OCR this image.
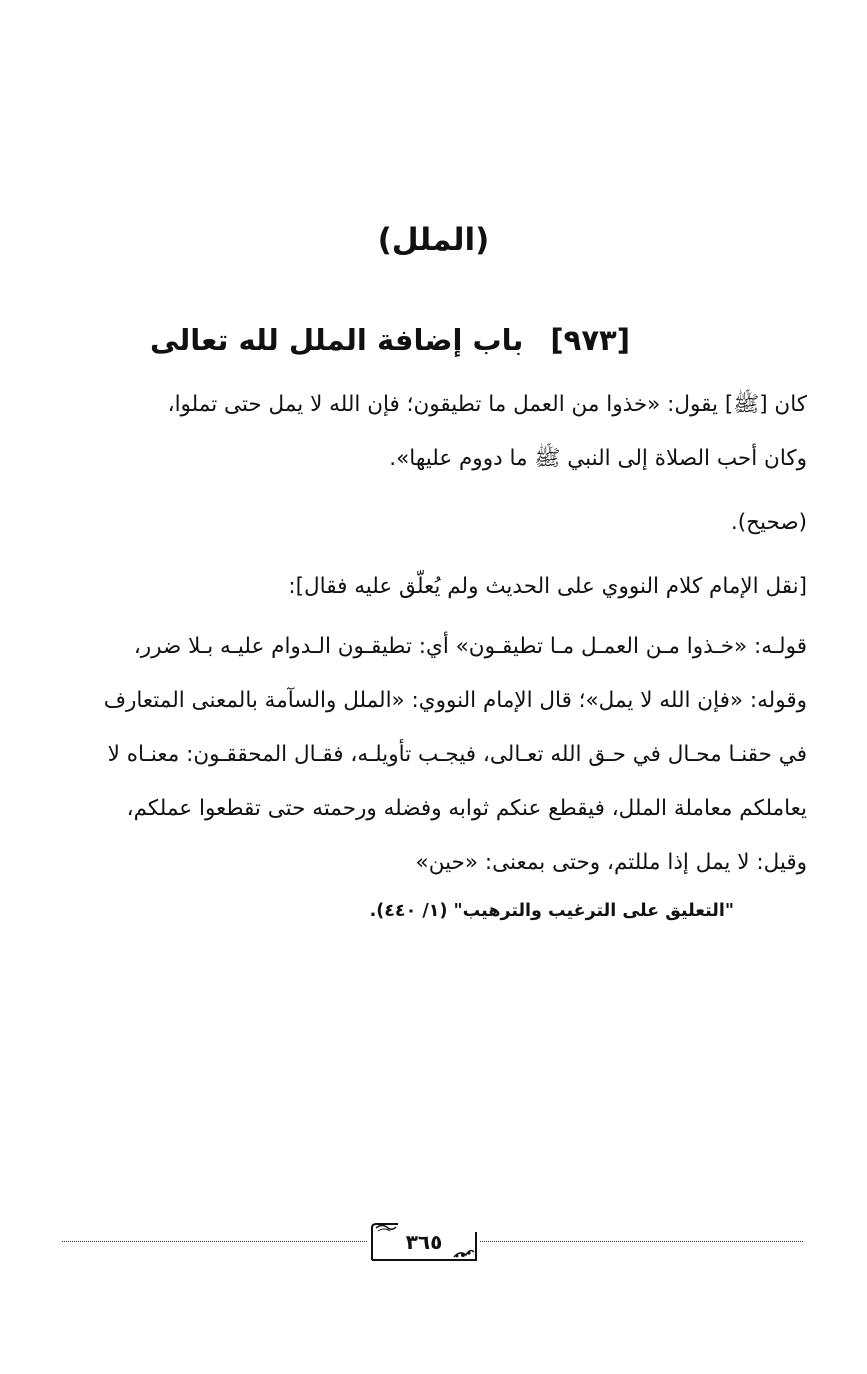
(الملل)
[٩٧٣]
باب إضافة الملل لله تعالى
كان [ﷺ] يقول: «خذوا من العمل ما تطيقون؛ فإن الله لا يمل حتى تملوا،
وكان أحب الصلاة إلى النبي ﷺ ما دووم عليها».
(صحيح).
[نقل الإمام كلام النووي على الحديث ولم يُعلّق عليه فقال]:
قولـه: «خـذوا مـن العمـل مـا تطيقـون» أي: تطيقـون الـدوام عليـه بـلا ضرر،
وقوله: «فإن الله لا يمل»؛ قال الإمام النووي: «الملل والسآمة بالمعنى المتعارف
في حقنـا محـال في حـق الله تعـالى، فيجـب تأويلـه، فقـال المحققـون: معنـاه لا
يعاملكم معاملة الملل، فيقطع عنكم ثوابه وفضله ورحمته حتى تقطعوا عملكم،
وقيل: لا يمل إذا مللتم، وحتى بمعنى: «حين»
"التعليق على الترغيب والترهيب" (١/ ٤٤٠).
٣٦٥
